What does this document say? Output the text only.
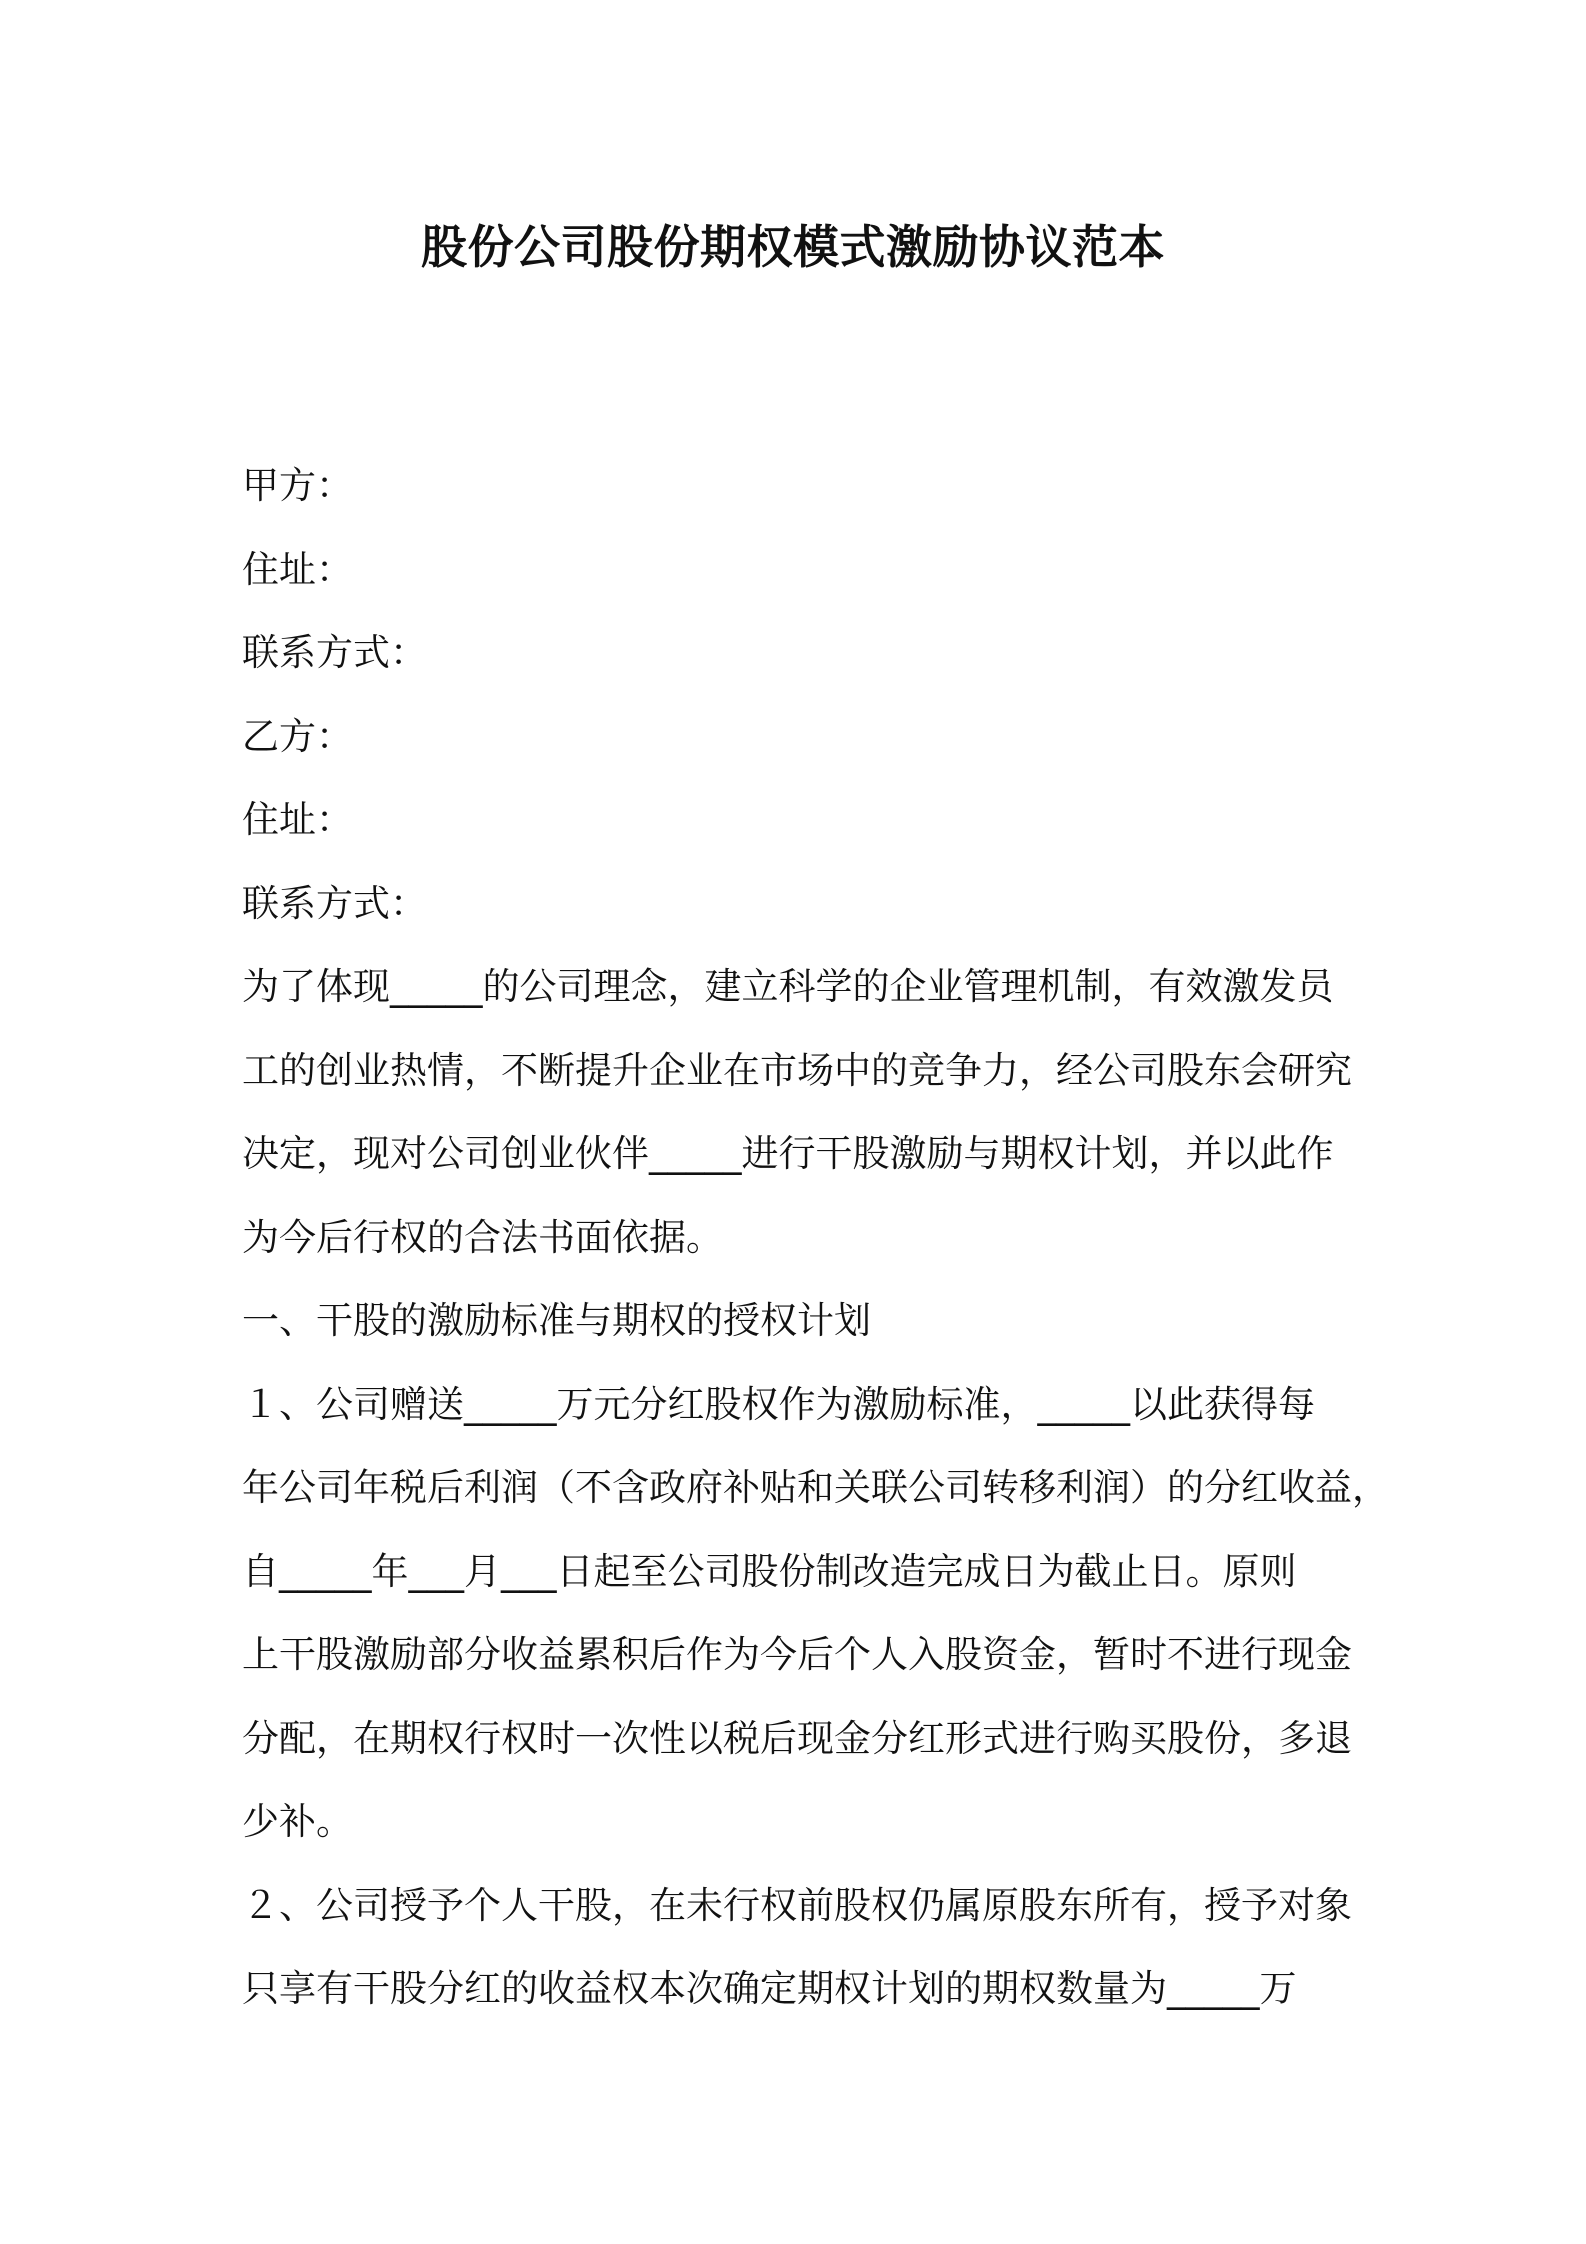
股份公司股份期权模式激励协议范本
甲方：
住址：
联系方式：
乙方：
住址：
联系方式：
为了体现_____的公司理念，建立科学的企业管理机制，有效激发员
工的创业热情，不断提升企业在市场中的竞争力，经公司股东会研究
决定，现对公司创业伙伴_____进行干股激励与期权计划，并以此作
为今后行权的合法书面依据。
一、干股的激励标准与期权的授权计划
１、公司赠送_____万元分红股权作为激励标准，_____以此获得每
年公司年税后利润（不含政府补贴和关联公司转移利润）的分红收益，
自_____年___月___日起至公司股份制改造完成日为截止日。原则
上干股激励部分收益累积后作为今后个人入股资金，暂时不进行现金
分配，在期权行权时一次性以税后现金分红形式进行购买股份，多退
少补。
２、公司授予个人干股，在未行权前股权仍属原股东所有，授予对象
只享有干股分红的收益权本次确定期权计划的期权数量为_____万
